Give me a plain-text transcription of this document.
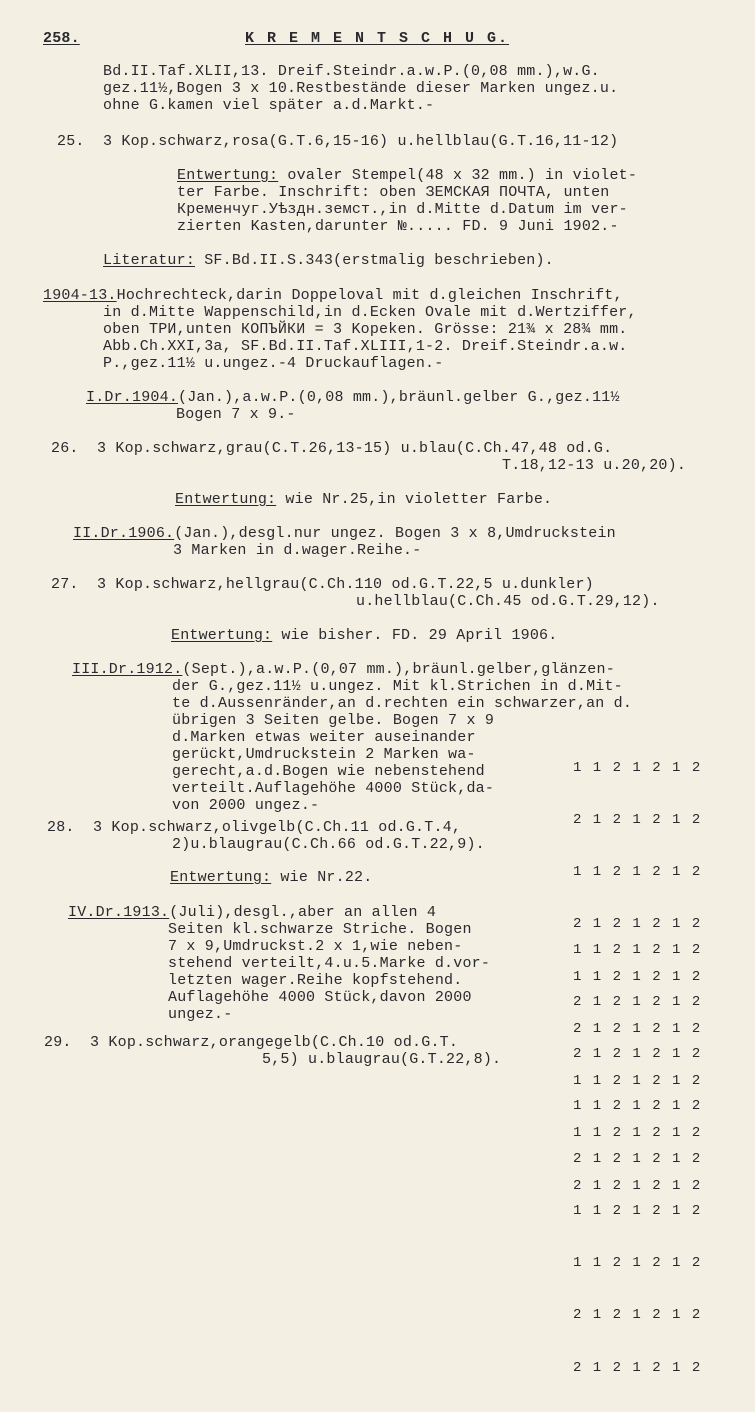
258.	K R E M E N T S C H U G.
Bd.II.Taf.XLII,13. Dreif.Steindr.a.w.P.(0,08 mm.),w.G.
gez.11½,Bogen 3 x 10.Restbestände dieser Marken ungez.u.
ohne G.kamen viel später a.d.Markt.-
25.  3 Kop.schwarz,rosa(G.T.6,15-16) u.hellblau(G.T.16,11-12)
Entwertung: ovaler Stempel(48 x 32 mm.) in violet-
ter Farbe. Inschrift: oben ЗЕМСКАЯ ПОЧТА, unten
Кременчуг.Уѣздн.земст.,in d.Mitte d.Datum im ver-
zierten Kasten,darunter №..... FD. 9 Juni 1902.-
Literatur: SF.Bd.II.S.343(erstmalig beschrieben).
1904-13.Hochrechteck,darin Doppeloval mit d.gleichen Inschrift,
in d.Mitte Wappenschild,in d.Ecken Ovale mit d.Wertziffer,
oben ТРИ,unten КОПЪЙКИ = 3 Kopeken. Grösse: 21¾ x 28¾ mm.
Abb.Ch.XXI,3a, SF.Bd.II.Taf.XLIII,1-2. Dreif.Steindr.a.w.
P.,gez.11½ u.ungez.-4 Druckauflagen.-
I.Dr.1904.(Jan.),a.w.P.(0,08 mm.),bräunl.gelber G.,gez.11½
Bogen 7 x 9.-
26.  3 Kop.schwarz,grau(C.T.26,13-15) u.blau(C.Ch.47,48 od.G.
T.18,12-13 u.20,20).
Entwertung: wie Nr.25,in violetter Farbe.
II.Dr.1906.(Jan.),desgl.nur ungez. Bogen 3 x 8,Umdruckstein
3 Marken in d.wager.Reihe.-
27.  3 Kop.schwarz,hellgrau(C.Ch.110 od.G.T.22,5 u.dunkler)
u.hellblau(C.Ch.45 od.G.T.29,12).
Entwertung: wie bisher. FD. 29 April 1906.
III.Dr.1912.(Sept.),a.w.P.(0,07 mm.),bräunl.gelber,glänzen-
der G.,gez.11½ u.ungez. Mit kl.Strichen in d.Mit-
te d.Aussenränder,an d.rechten ein schwarzer,an d.
übrigen 3 Seiten gelbe. Bogen 7 x 9
d.Marken etwas weiter auseinander
gerückt,Umdruckstein 2 Marken wa-
gerecht,a.d.Bogen wie nebenstehend
verteilt.Auflagehöhe 4000 Stück,da-
von 2000 ungez.-
28.  3 Kop.schwarz,olivgelb(C.Ch.11 od.G.T.4,
2)u.blaugrau(C.Ch.66 od.G.T.22,9).
Entwertung: wie Nr.22.
IV.Dr.1913.(Juli),desgl.,aber an allen 4
Seiten kl.schwarze Striche. Bogen
7 x 9,Umdruckst.2 x 1,wie neben-
stehend verteilt,4.u.5.Marke d.vor-
letzten wager.Reihe kopfstehend.
Auflagehöhe 4000 Stück,davon 2000
ungez.-
29.  3 Kop.schwarz,orangegelb(C.Ch.10 od.G.T.
5,5) u.blaugrau(G.T.22,8).

1 1 2 1 2 1 2

2 1 2 1 2 1 2

1 1 2 1 2 1 2

2 1 2 1 2 1 2

1 1 2 1 2 1 2

2 1 2 1 2 1 2

1 1 2 1 2 1 2

1 1 2 1 2 1 2

2 1 2 1 2 1 2

1 1 2 1 2 1 2

2 1 2 1 2 1 2

2 1 2 1 2 1 2

1 1 2 1 2 1 2

2 1 2 1 2 1 2

1 1 2 1 2 1 2

1 1 2 1 2 1 2

2 1 2 1 2 1 2

2 1 2 1 2 1 2
